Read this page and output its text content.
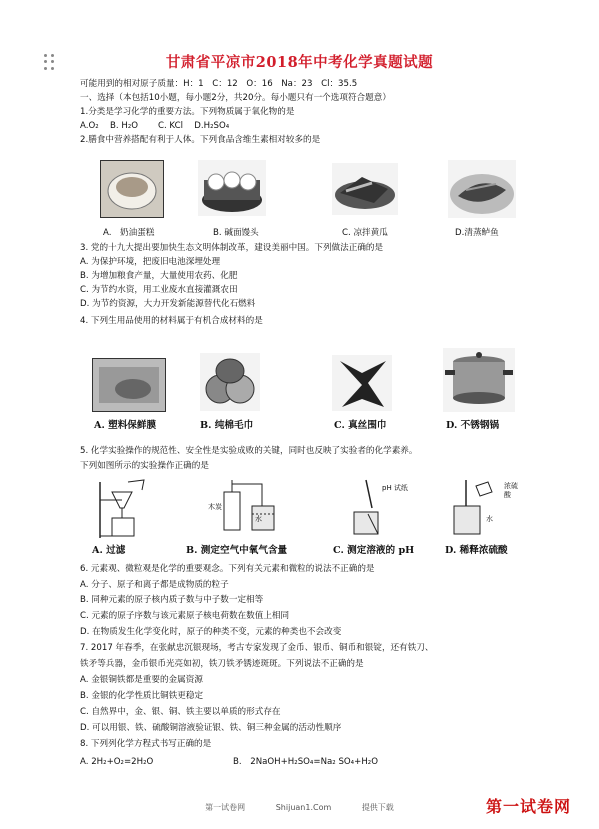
甘肃省平凉市2018年中考化学真题试题
可能用到的相对原子质量：H：1　C：12　O：16　Na：23　Cl：35.5
一、选择（本包括10小题，每小题2分，共20分。每小题只有一个选项符合题意）
1.分类是学习化学的重要方法。下列物质属于氧化物的是
A.O₂　 B. H₂O　　 C. KCl　 D.H₂SO₄
2.膳食中营养搭配有利于人体。下列食品含维生素相对较多的是
A.　奶油蛋糕	B. 碱面馒头	C. 凉拌黄瓜	D.清蒸鲈鱼
3. 党的十九大提出要加快生态文明体制改革，建设美丽中国。下列做法正确的是
A. 为保护环境，把废旧电池深埋处理
B. 为增加粮食产量，大量使用农药、化肥
C. 为节约水资，用工业废水直接灌溉农田
D. 为节约资源，大力开发新能源替代化石燃料
4. 下列生用品使用的材料属于有机合成材料的是
A. 塑料保鲜膜	B. 纯棉毛巾	C. 真丝围巾	D. 不锈钢锅
5. 化学实验操作的规范性、安全性是实验成败的关键，同时也反映了实验者的化学素养。
下列如图所示的实验操作正确的是
木炭
水
pH 试纸	浓硫酸
水
A. 过滤	B. 测定空气中氧气含量	C. 测定溶液的 pH	D. 稀释浓硫酸
6. 元素观、微粒观是化学的重要观念。下列有关元素和微粒的说法不正确的是
A. 分子、原子和离子都是成物质的粒子
B. 同种元素的原子核内质子数与中子数一定相等
C. 元素的原子序数与该元素原子核电荷数在数值上相同
D. 在物质发生化学变化时，原子的种类不变，元素的种类也不会改变
7. 2017 年春季，在张献忠沉银现场，考古专家发现了金币、银币、铜币和银锭，还有铁刀、
铁矛等兵器，金币银币光亮如初，铁刀铁矛锈迹斑斑。下列说法不正确的是
A. 金银铜铁都是重要的金属资源
B. 金银的化学性质比铜铁更稳定
C. 自然界中，金、银、铜、铁主要以单质的形式存在
D. 可以用银、铁、硫酸铜溶液验证银、铁、铜三种金属的活动性顺序
8. 下列列化学方程式书写正确的是
A. 2H₂+O₂=2H₂O	B.　2NaOH+H₂SO₄=Na₂ SO₄+H₂O
第一试卷网	Shijuan1.Com	提供下载	第一试卷网
